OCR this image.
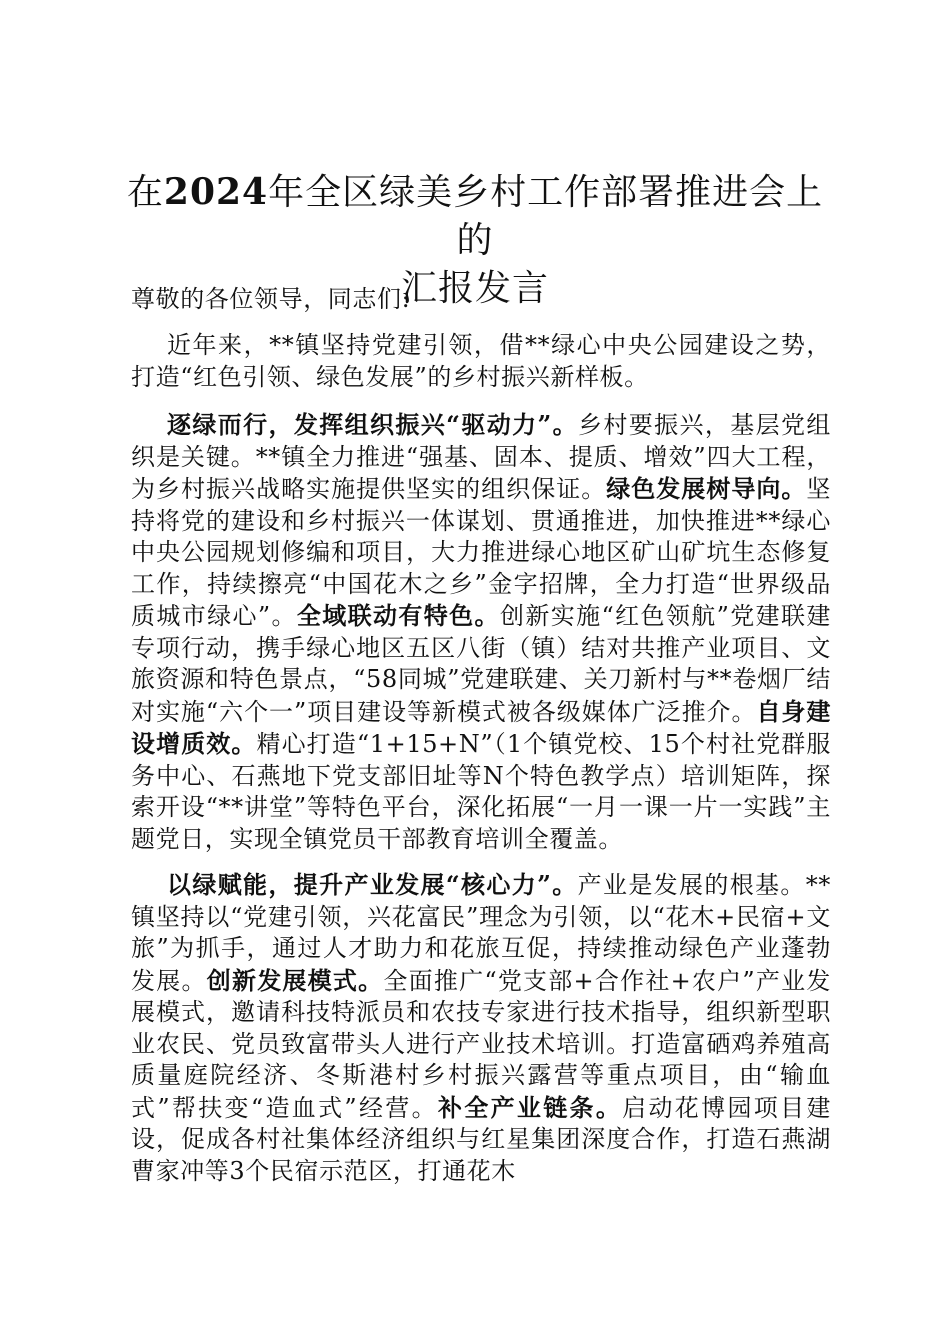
在2024年全区绿美乡村工作部署推进会上的
汇报发言

尊敬的各位领导，同志们:

近年来，**镇坚持党建引领，借**绿心中央公园建设之势，打造“红色引领、绿色发展”的乡村振兴新样板。

逐绿而行，发挥组织振兴“驱动力”。乡村要振兴，基层党组织是关键。**镇全力推进“强基、固本、提质、增效”四大工程，为乡村振兴战略实施提供坚实的组织保证。绿色发展树导向。坚持将党的建设和乡村振兴一体谋划、贯通推进，加快推进**绿心中央公园规划修编和项目，大力推进绿心地区矿山矿坑生态修复工作，持续擦亮“中国花木之乡”金字招牌，全力打造“世界级品质城市绿心”。全域联动有特色。创新实施“红色领航”党建联建专项行动，携手绿心地区五区八街（镇）结对共推产业项目、文旅资源和特色景点，“58同城”党建联建、关刀新村与**卷烟厂结对实施“六个一”项目建设等新模式被各级媒体广泛推介。自身建设增质效。精心打造“1+15+N”（1个镇党校、15个村社党群服务中心、石燕地下党支部旧址等N个特色教学点）培训矩阵，探索开设“**讲堂”等特色平台，深化拓展“一月一课一片一实践”主题党日，实现全镇党员干部教育培训全覆盖。

以绿赋能，提升产业发展“核心力”。产业是发展的根基。**镇坚持以“党建引领，兴花富民”理念为引领，以“花木+民宿+文旅”为抓手，通过人才助力和花旅互促，持续推动绿色产业蓬勃发展。创新发展模式。全面推广“党支部+合作社+农户”产业发展模式，邀请科技特派员和农技专家进行技术指导，组织新型职业农民、党员致富带头人进行产业技术培训。打造富硒鸡养殖高质量庭院经济、冬斯港村乡村振兴露营等重点项目，由“输血式”帮扶变“造血式”经营。补全产业链条。启动花博园项目建设，促成各村社集体经济组织与红星集团深度合作，打造石燕湖曹家冲等3个民宿示范区，打通花木
